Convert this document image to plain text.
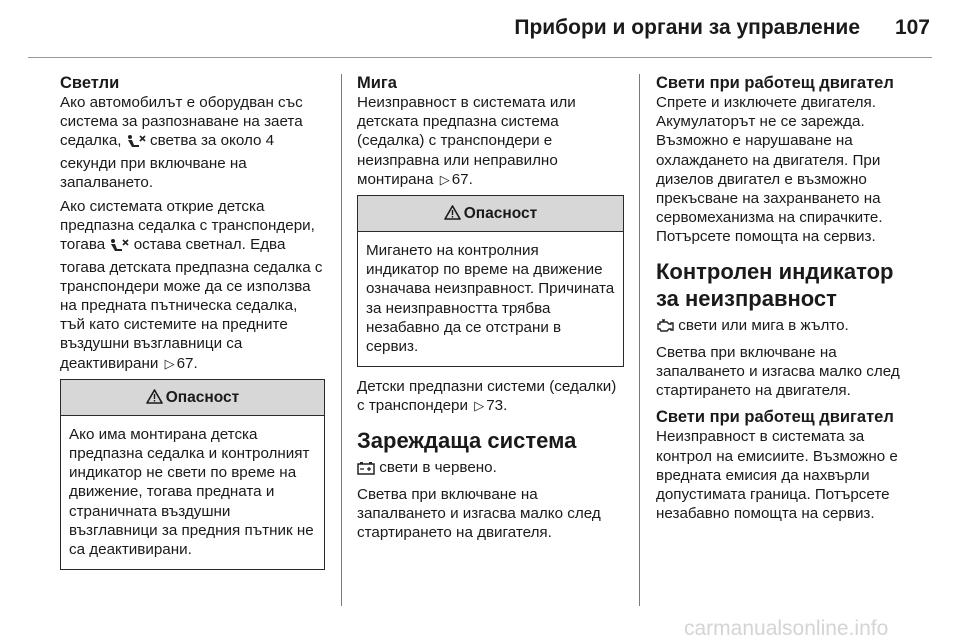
Прибори и органи за управление 107
Светли
Ако автомобилът е оборудван със система за разпознаване на заета седалка, светва за около 4 секунди при включване на запалването.
Ако системата открие детска предпазна седалка с транспондери, тогава остава светнал. Едва тогава детската предпазна седалка с транспондери може да се използва на предната пътническа седалка, тъй като системите на предните въздушни възглавници са деактивирани ▷ 67.
Опасност
Ако има монтирана детска предпазна седалка и контролният индикатор не свети по време на движение, тогава предната и страничната въздушни възглавници за предния пътник не са деактивирани.
Мига
Неизправност в системата или детската предпазна система (седалка) с транспондери е неизправна или неправилно монтирана ▷ 67.
Опасност
Мигането на контролния индикатор по време на движение означава неизправност. Причината за неизправността трябва незабавно да се отстрани в сервиз.
Детски предпазни системи (седалки) с транспондери ▷ 73.
Зареждаща система
свети в червено.
Светва при включване на запалването и изгасва малко след стартирането на двигателя.
Свети при работещ двигател
Спрете и изключете двигателя. Акумулаторът не се зарежда. Възможно е нарушаване на охлаждането на двигателя. При дизелов двигател е възможно прекъсване на захранването на сервомеханизма на спирачките. Потърсете помощта на сервиз.
Контролен индикатор за неизправност
свети или мига в жълто.
Светва при включване на запалването и изгасва малко след стартирането на двигателя.
Свети при работещ двигател
Неизправност в системата за контрол на емисиите. Възможно е вредната емисия да нахвърли допустимата граница. Потърсете незабавно помощта на сервиз.
carmanualsonline.info
